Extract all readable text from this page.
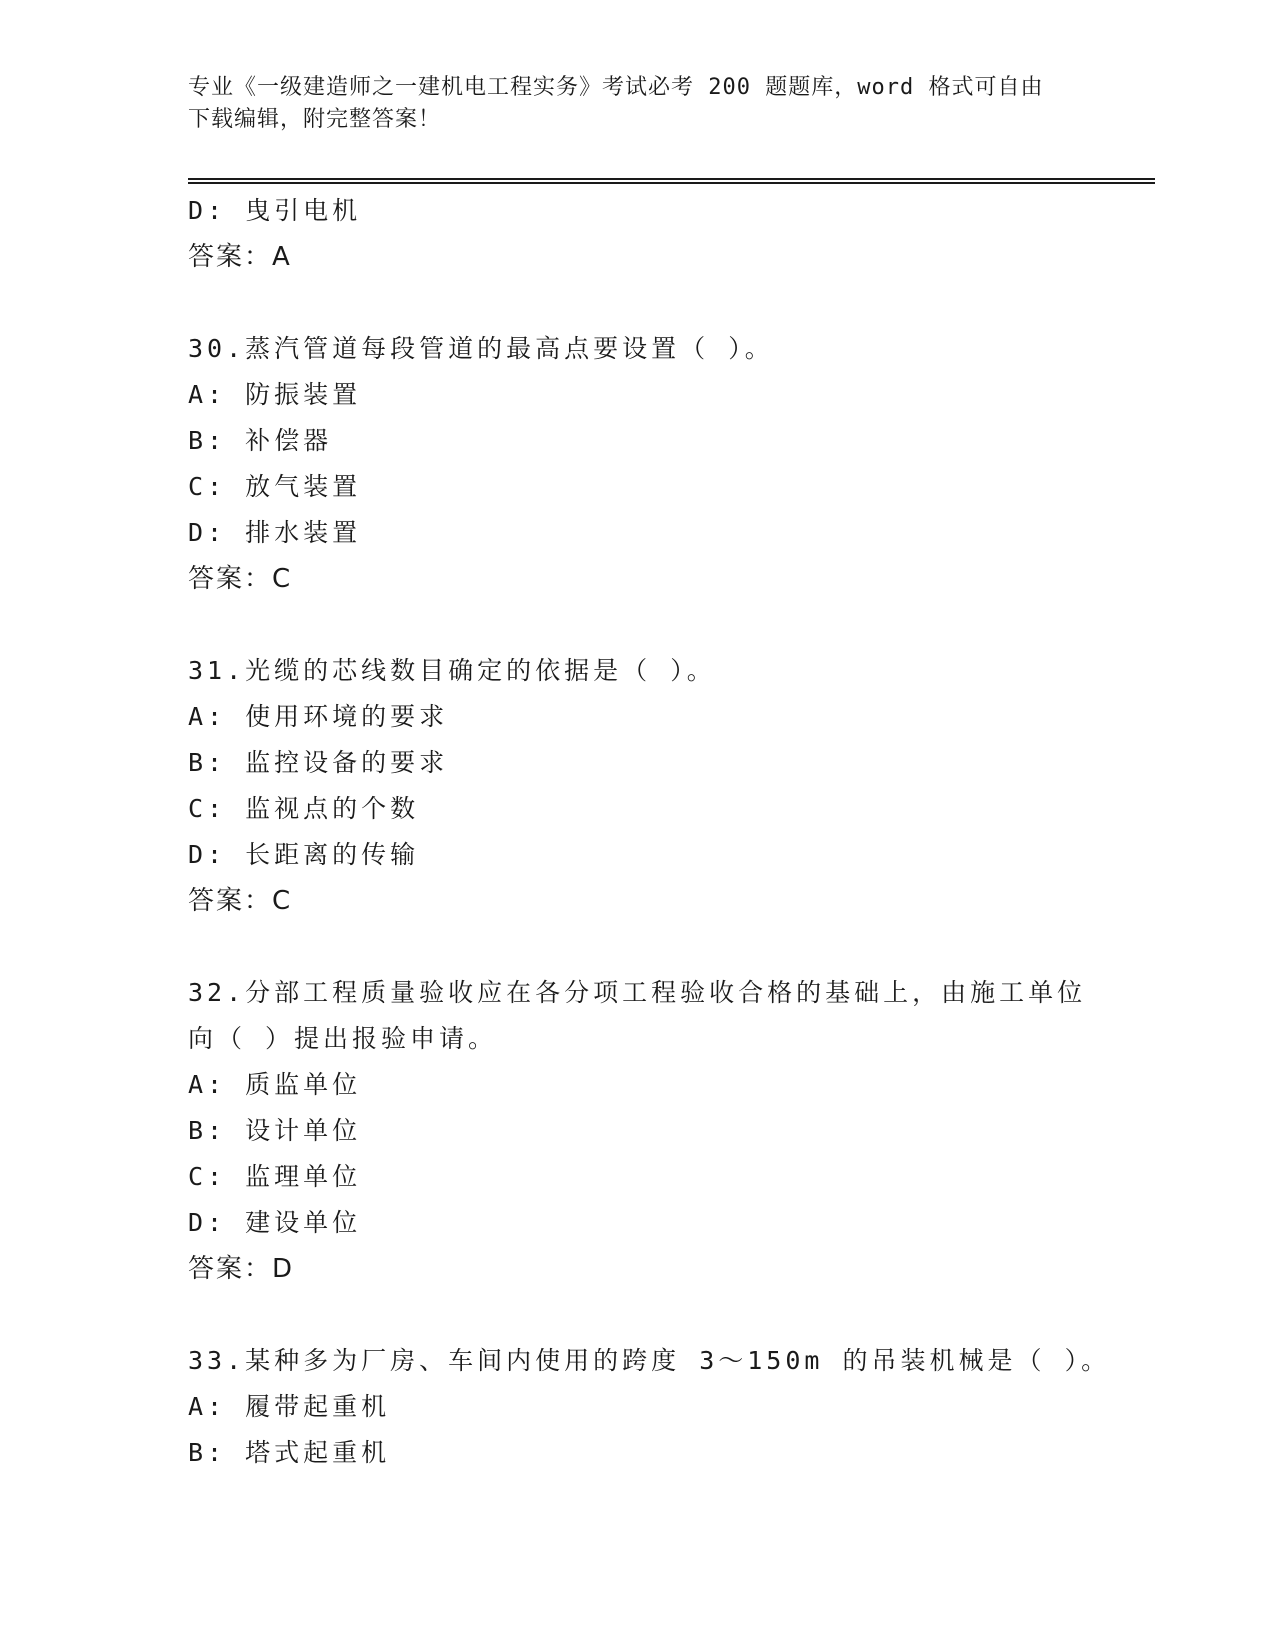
专业《一级建造师之一建机电工程实务》考试必考 200 题题库，word 格式可自由
下载编辑，附完整答案！
D: 曳引电机
答案：A
30.蒸汽管道每段管道的最高点要设置（ ）。
A: 防振装置
B: 补偿器
C: 放气装置
D: 排水装置
答案：C
31.光缆的芯线数目确定的依据是（ ）。
A: 使用环境的要求
B: 监控设备的要求
C: 监视点的个数
D: 长距离的传输
答案：C
32.分部工程质量验收应在各分项工程验收合格的基础上，由施工单位
向（ ）提出报验申请。
A: 质监单位
B: 设计单位
C: 监理单位
D: 建设单位
答案：D
33.某种多为厂房、车间内使用的跨度 3～150m 的吊装机械是（ ）。
A: 履带起重机
B: 塔式起重机
